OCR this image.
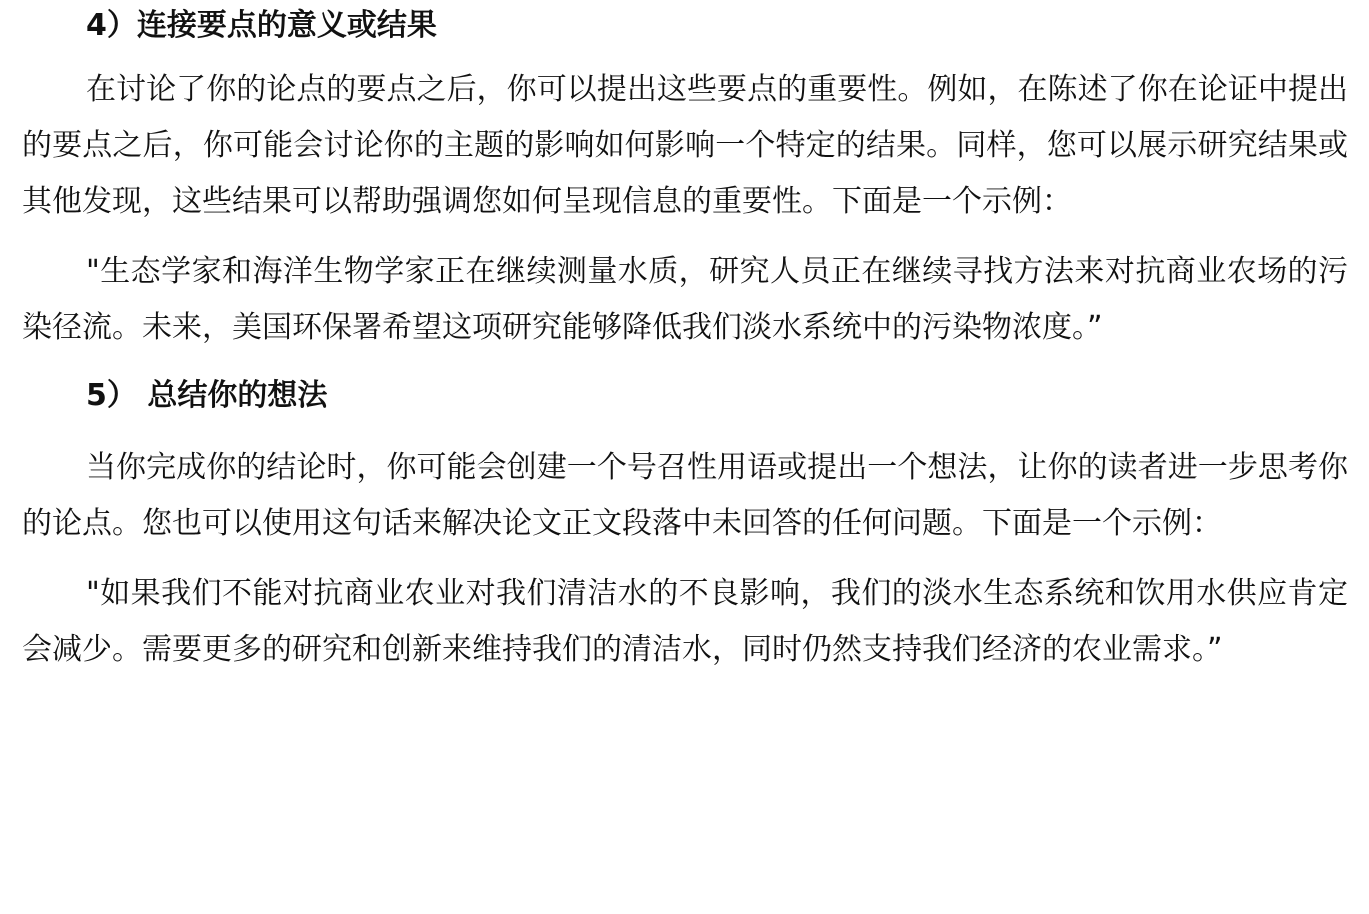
4）连接要点的意义或结果

在讨论了你的论点的要点之后，你可以提出这些要点的重要性。例如，在陈述了你在论证中提出的要点之后，你可能会讨论你的主题的影响如何影响一个特定的结果。同样，您可以展示研究结果或其他发现，这些结果可以帮助强调您如何呈现信息的重要性。下面是一个示例：

"生态学家和海洋生物学家正在继续测量水质，研究人员正在继续寻找方法来对抗商业农场的污染径流。未来，美国环保署希望这项研究能够降低我们淡水系统中的污染物浓度。”

5） 总结你的想法

当你完成你的结论时，你可能会创建一个号召性用语或提出一个想法，让你的读者进一步思考你的论点。您也可以使用这句话来解决论文正文段落中未回答的任何问题。下面是一个示例：

"如果我们不能对抗商业农业对我们清洁水的不良影响，我们的淡水生态系统和饮用水供应肯定会减少。需要更多的研究和创新来维持我们的清洁水，同时仍然支持我们经济的农业需求。”
